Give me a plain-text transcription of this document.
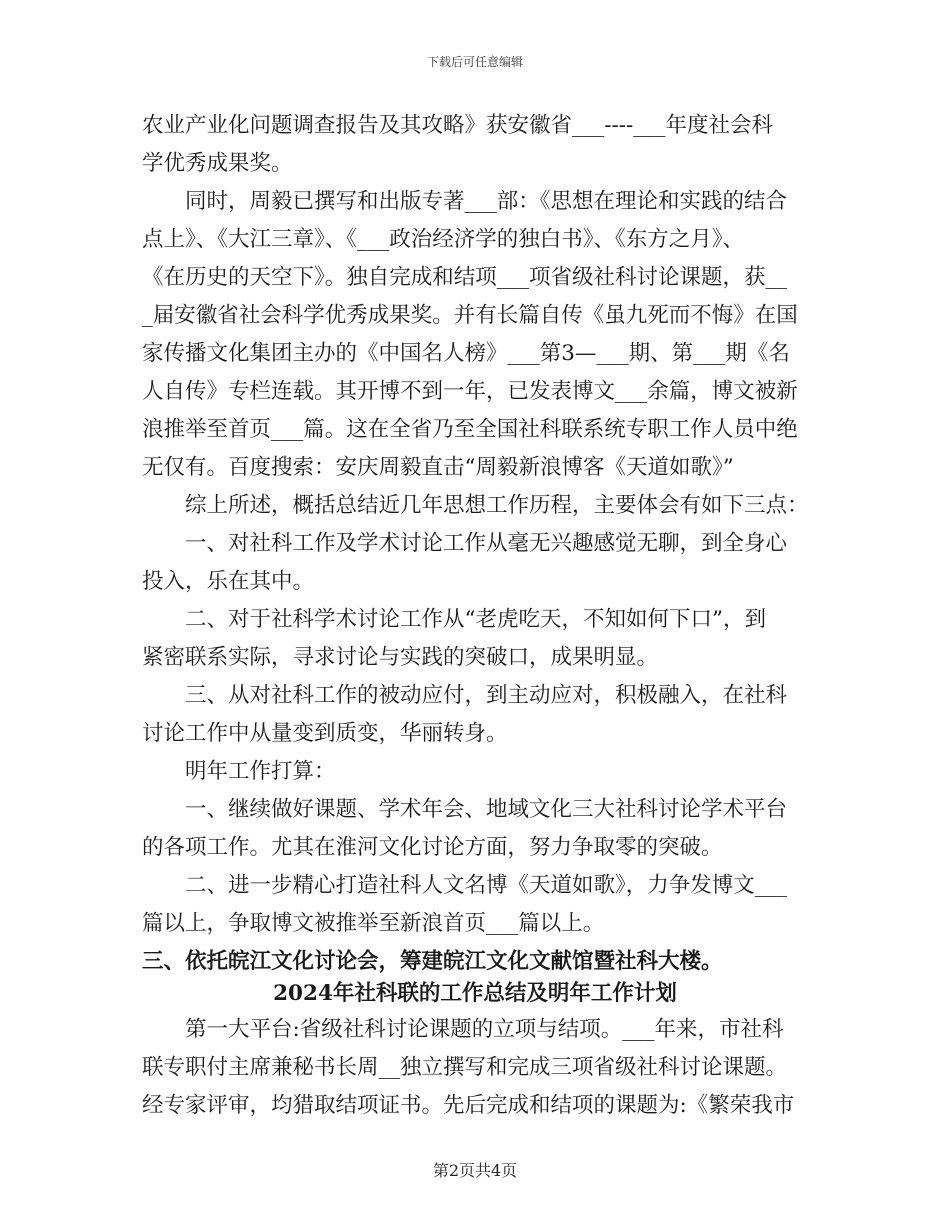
下载后可任意编辑
农业产业化问题调查报告及其攻略》获安徽省___----___年度社会科
学优秀成果奖。
同时，周毅已撰写和出版专著___部：《思想在理论和实践的结合
点上》、《大江三章》、《___政治经济学的独白书》、《东方之月》、
《在历史的天空下》。独自完成和结项___项省级社科讨论课题，获__
_届安徽省社会科学优秀成果奖。并有长篇自传《虽九死而不悔》在国
家传播文化集团主办的《中国名人榜》___第3—___期、第___期《名
人自传》专栏连载。其开博不到一年，已发表博文___余篇，博文被新
浪推举至首页___篇。这在全省乃至全国社科联系统专职工作人员中绝
无仅有。百度搜索：安庆周毅直击“周毅新浪博客《天道如歌》”
综上所述，概括总结近几年思想工作历程，主要体会有如下三点：
一、对社科工作及学术讨论工作从毫无兴趣感觉无聊，到全身心
投入，乐在其中。
二、对于社科学术讨论工作从“老虎吃天，不知如何下口”，到
紧密联系实际，寻求讨论与实践的突破口，成果明显。
三、从对社科工作的被动应付，到主动应对，积极融入，在社科
讨论工作中从量变到质变，华丽转身。
明年工作打算：
一、继续做好课题、学术年会、地域文化三大社科讨论学术平台
的各项工作。尤其在淮河文化讨论方面，努力争取零的突破。
二、进一步精心打造社科人文名博《天道如歌》，力争发博文___
篇以上，争取博文被推举至新浪首页___篇以上。
三、依托皖江文化讨论会，筹建皖江文化文献馆暨社科大楼。
2024年社科联的工作总结及明年工作计划
第一大平台:省级社科讨论课题的立项与结项。___年来，市社科
联专职付主席兼秘书长周__独立撰写和完成三项省级社科讨论课题。
经专家评审，均猎取结项证书。先后完成和结项的课题为:《繁荣我市
第2页共4页
